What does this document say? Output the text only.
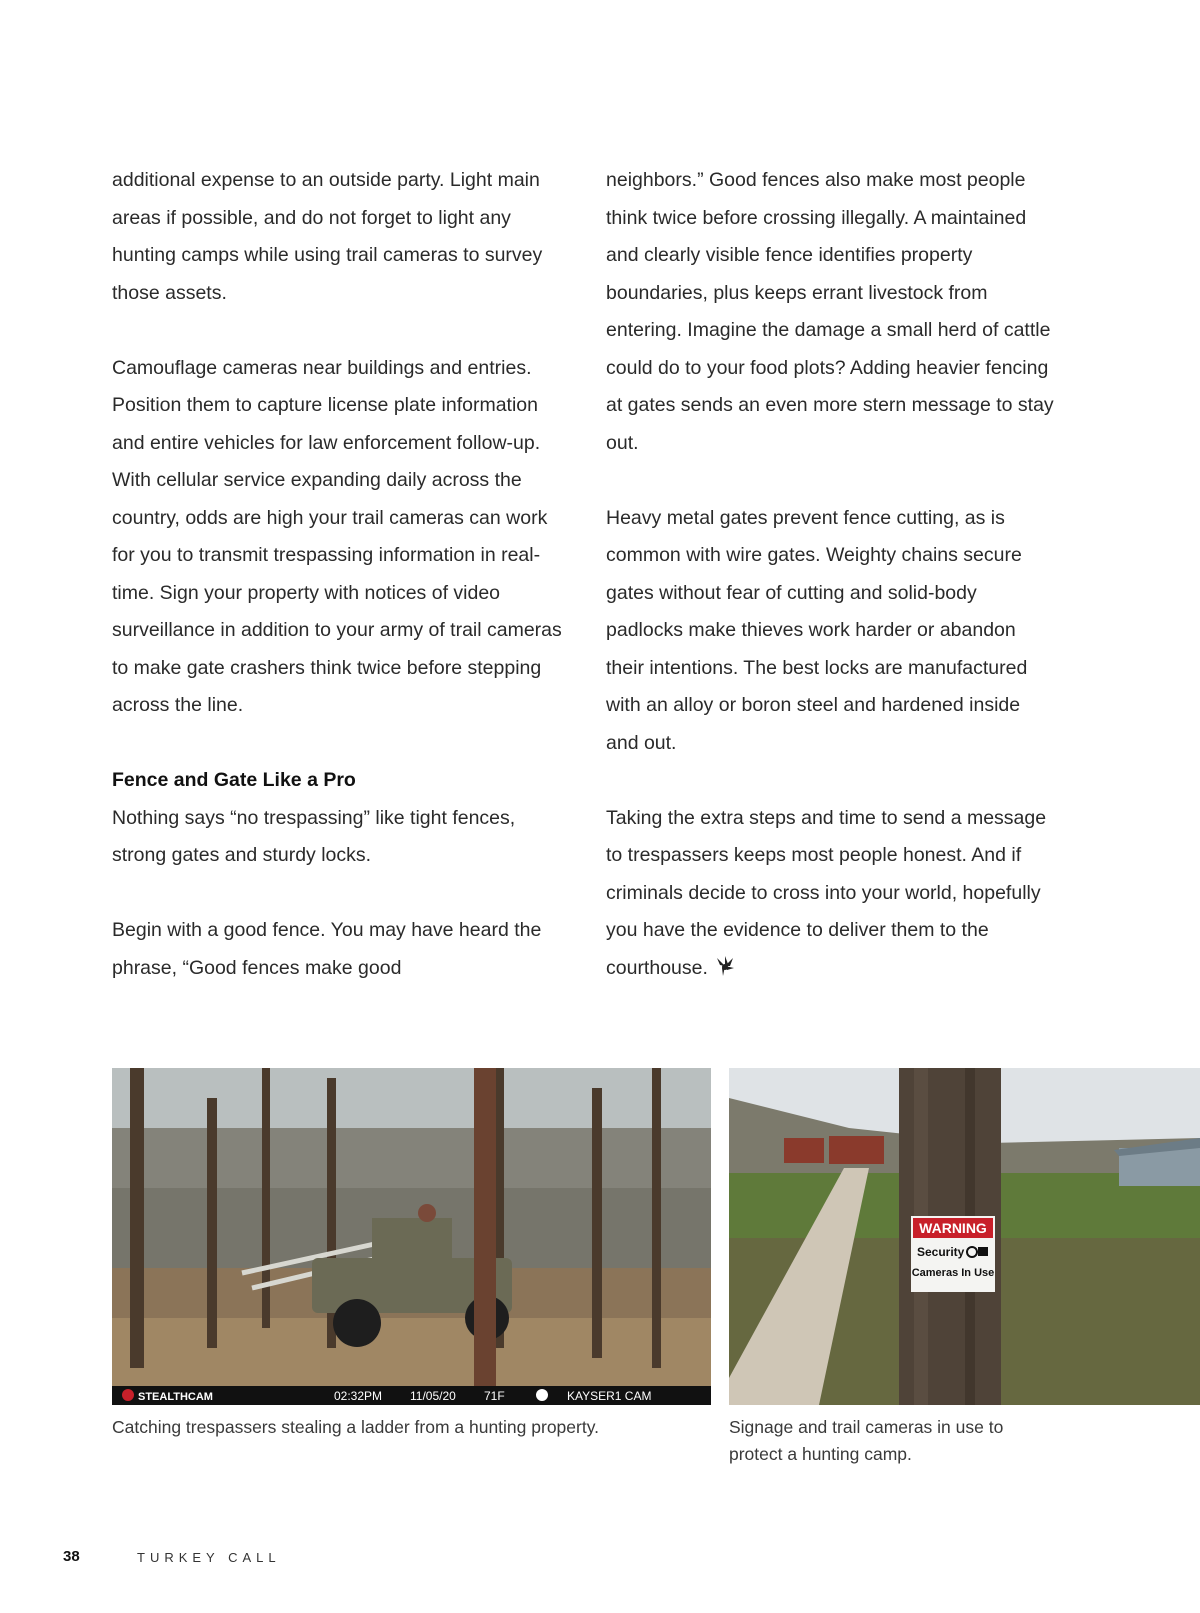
additional expense to an outside party. Light main areas if possible, and do not forget to light any hunting camps while using trail cameras to survey those assets.

Camouflage cameras near buildings and entries. Position them to capture license plate information and entire vehicles for law enforcement follow-up. With cellular service expanding daily across the country, odds are high your trail cameras can work for you to transmit trespassing information in real-time. Sign your property with notices of video surveillance in addition to your army of trail cameras to make gate crashers think twice before stepping across the line.

Fence and Gate Like a Pro

Nothing says “no trespassing” like tight fences, strong gates and sturdy locks.

Begin with a good fence. You may have heard the phrase, “Good fences make good

neighbors.” Good fences also make most people think twice before crossing illegally. A maintained and clearly visible fence identifies property boundaries, plus keeps errant livestock from entering. Imagine the damage a small herd of cattle could do to your food plots? Adding heavier fencing at gates sends an even more stern message to stay out.

Heavy metal gates prevent fence cutting, as is common with wire gates. Weighty chains secure gates without fear of cutting and solid-body padlocks make thieves work harder or abandon their intentions. The best locks are manufactured with an alloy or boron steel and hardened inside and out.

Taking the extra steps and time to send a message to trespassers keeps most people honest. And if criminals decide to cross into your world, hopefully you have the evidence to deliver them to the courthouse.

STEALTHCAM	02:32PM 11/05/20 71F	KAYSER1 CAM
WARNING
Security
Cameras In Use
Catching trespassers stealing a ladder from a hunting property.	Signage and trail cameras in use to protect a hunting camp.
38	TURKEY CALL
